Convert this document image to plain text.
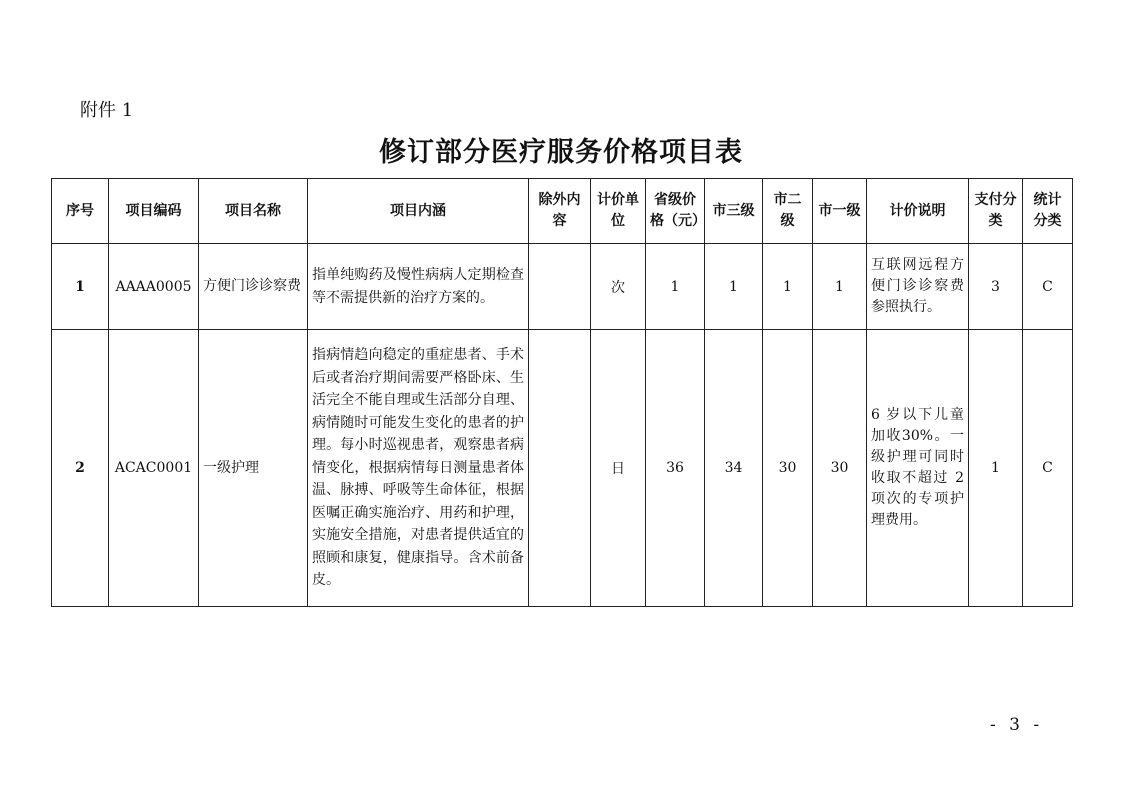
附件 1
修订部分医疗服务价格项目表
序号	项目编码	项目名称	项目内涵	除外内容	计价单位	省级价格（元）	市三级	市二级	市一级	计价说明	支付分类	统计分类
1	AAAA0005	方便门诊诊察费	指单纯购药及慢性病病人定期检查等不需提供新的治疗方案的。		次	1	1	1	1	互联网远程方便门诊诊察费参照执行。	3	C
2	ACAC0001	一级护理	指病情趋向稳定的重症患者、手术后或者治疗期间需要严格卧床、生活完全不能自理或生活部分自理、病情随时可能发生变化的患者的护理。每小时巡视患者，观察患者病情变化，根据病情每日测量患者体温、脉搏、呼吸等生命体征，根据医嘱正确实施治疗、用药和护理，实施安全措施，对患者提供适宜的照顾和康复，健康指导。含术前备皮。		日	36	34	30	30	6 岁以下儿童加收30%。一级护理可同时收取不超过 2 项次的专项护理费用。	1	C
- 3 -
